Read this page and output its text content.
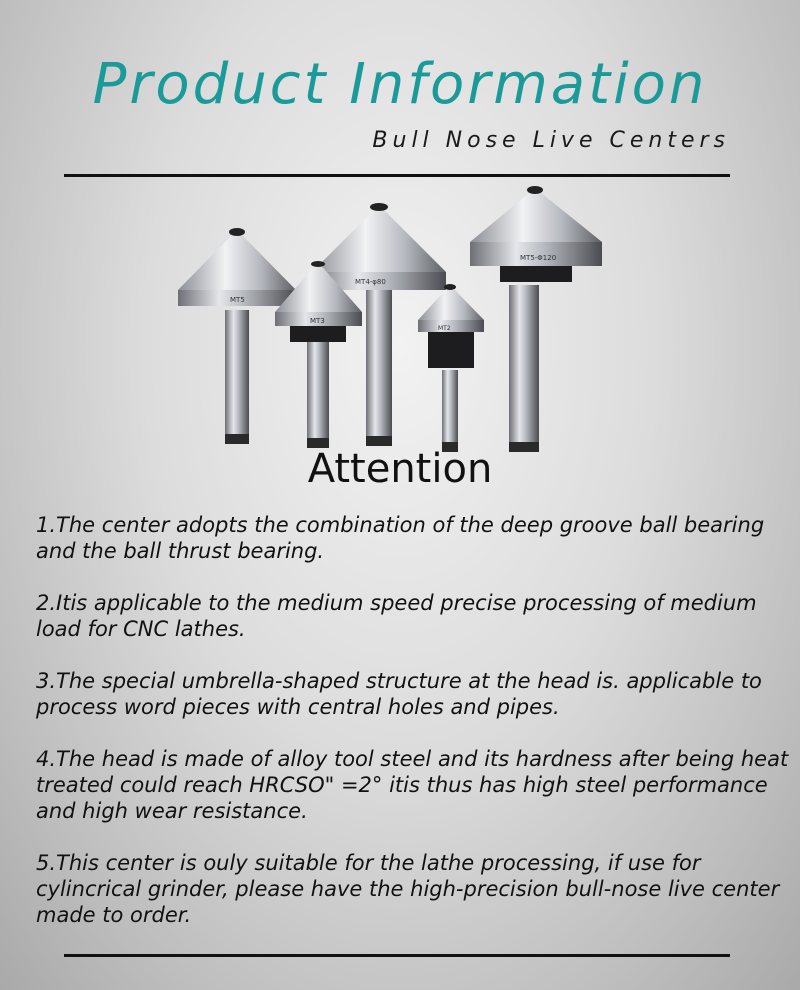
Product Information
Bull Nose Live Centers
MT4-φ80
MT5
MT5-Φ120
MT3
MT2
Attention

1.The center adopts the combination of the deep groove ball bearing and the ball thrust bearing.

2.Itis applicable to the medium speed precise processing of medium load for CNC lathes.

3.The special umbrella-shaped structure at the head is. applicable to process word pieces with central holes and pipes.

4.The head is made of alloy tool steel and its hardness after being heat treated could reach HRCSO" =2° itis thus has high steel performance and high wear resistance.

5.This center is ouly suitable for the lathe processing, if use for cylincrical grinder, please have the high-precision bull-nose live center made to order.
